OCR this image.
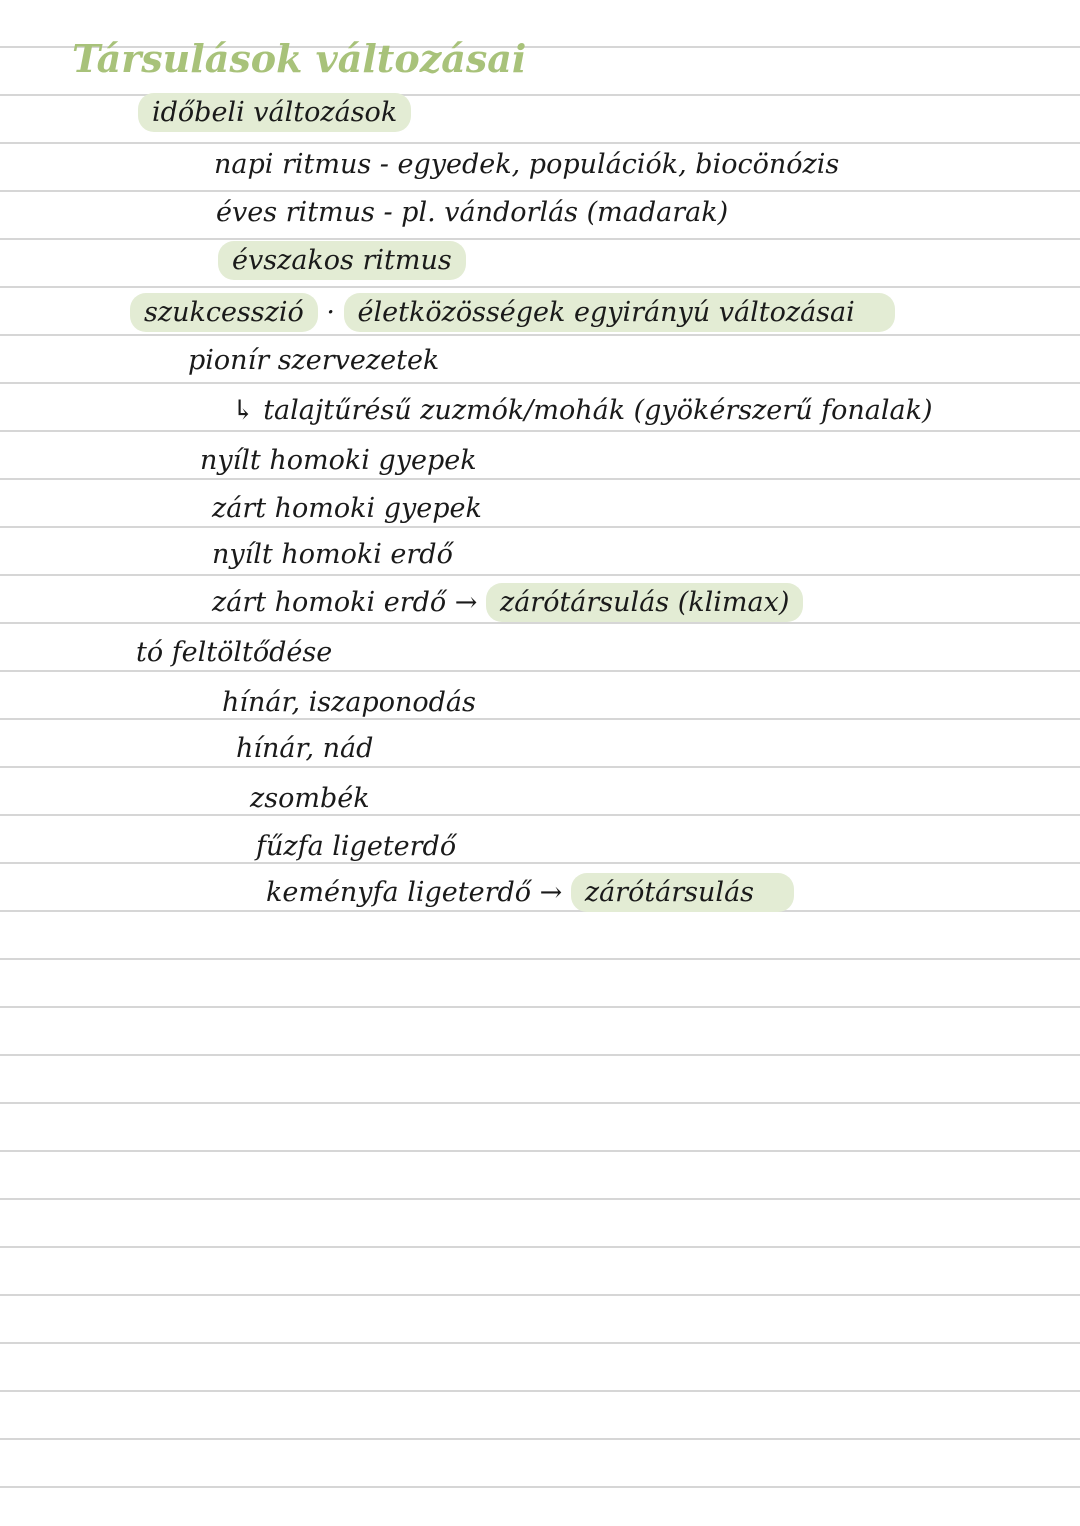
Társulások változásai
időbeli változások
napi ritmus - egyedek, populációk, biocönózis
éves ritmus - pl. vándorlás (madarak)
évszakos ritmus
szukcesszió · életközösségek egyirányú változásai
pionír szervezetek
↳ talajtűrésű zuzmók/mohák (gyökérszerű fonalak)
nyílt homoki gyepek
zárt homoki gyepek
nyílt homoki erdő
zárt homoki erdő → zárótársulás (klimax)
tó feltöltődése
hínár, iszaponodás
hínár, nád
zsombék
fűzfa ligeterdő
keményfa ligeterdő → zárótársulás
